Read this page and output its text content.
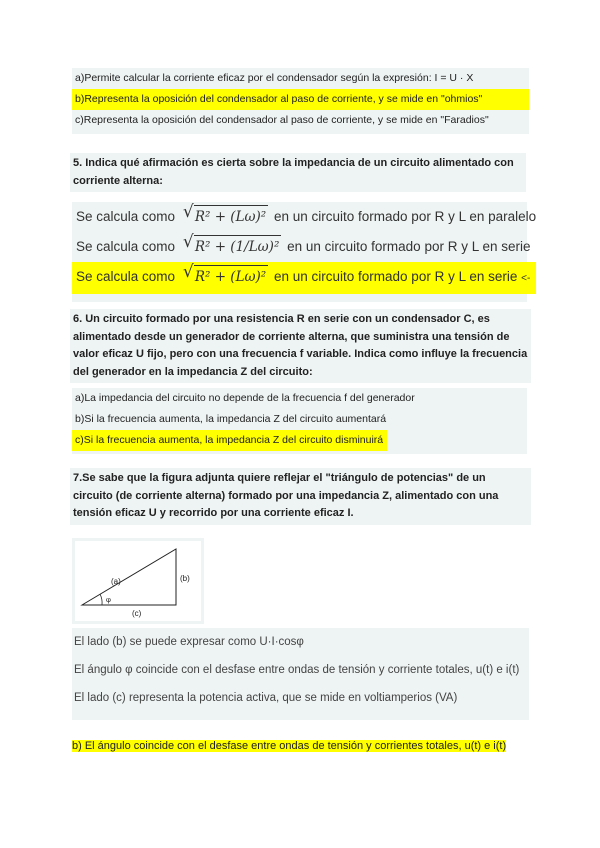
a)Permite calcular la corriente eficaz por el condensador según la expresión: I = U · X
b)Representa la oposición del condensador al paso de corriente, y se mide en "ohmios"
c)Representa la oposición del condensador al paso de corriente, y se mide en "Faradios"
5. Indica qué afirmación es cierta sobre la impedancia de un circuito alimentado con corriente alterna:
Se calcula como √ R² + (Lω)² en un circuito formado por R y L en paralelo
Se calcula como √ R² + (1/Lω)² en un circuito formado por R y L en serie
Se calcula como √ R² + (Lω)² en un circuito formado por R y L en serie <-
6. Un circuito formado por una resistencia R en serie con un condensador C, es alimentado desde un generador de corriente alterna, que suministra una tensión de valor eficaz U fijo, pero con una frecuencia f variable. Indica como influye la frecuencia del generador en la impedancia Z del circuito:
a)La impedancia del circuito no depende de la frecuencia f del generador
b)Si la frecuencia aumenta, la impedancia Z del circuito aumentará
c)Si la frecuencia aumenta, la impedancia Z del circuito disminuirá
7.Se sabe que la figura adjunta quiere reflejar el "triángulo de potencias" de un circuito (de corriente alterna) formado por una impedancia Z, alimentado con una tensión eficaz U y recorrido por una corriente eficaz I.
(a)	(b)
(c)
φ
El lado (b) se puede expresar como U·I·cosφ
El ángulo φ coincide con el desfase entre ondas de tensión y corriente totales, u(t) e i(t)
El lado (c) representa la potencia activa, que se mide en voltiamperios (VA)
b) El ángulo coincide con el desfase entre ondas de tensión y corrientes totales, u(t) e i(t)
